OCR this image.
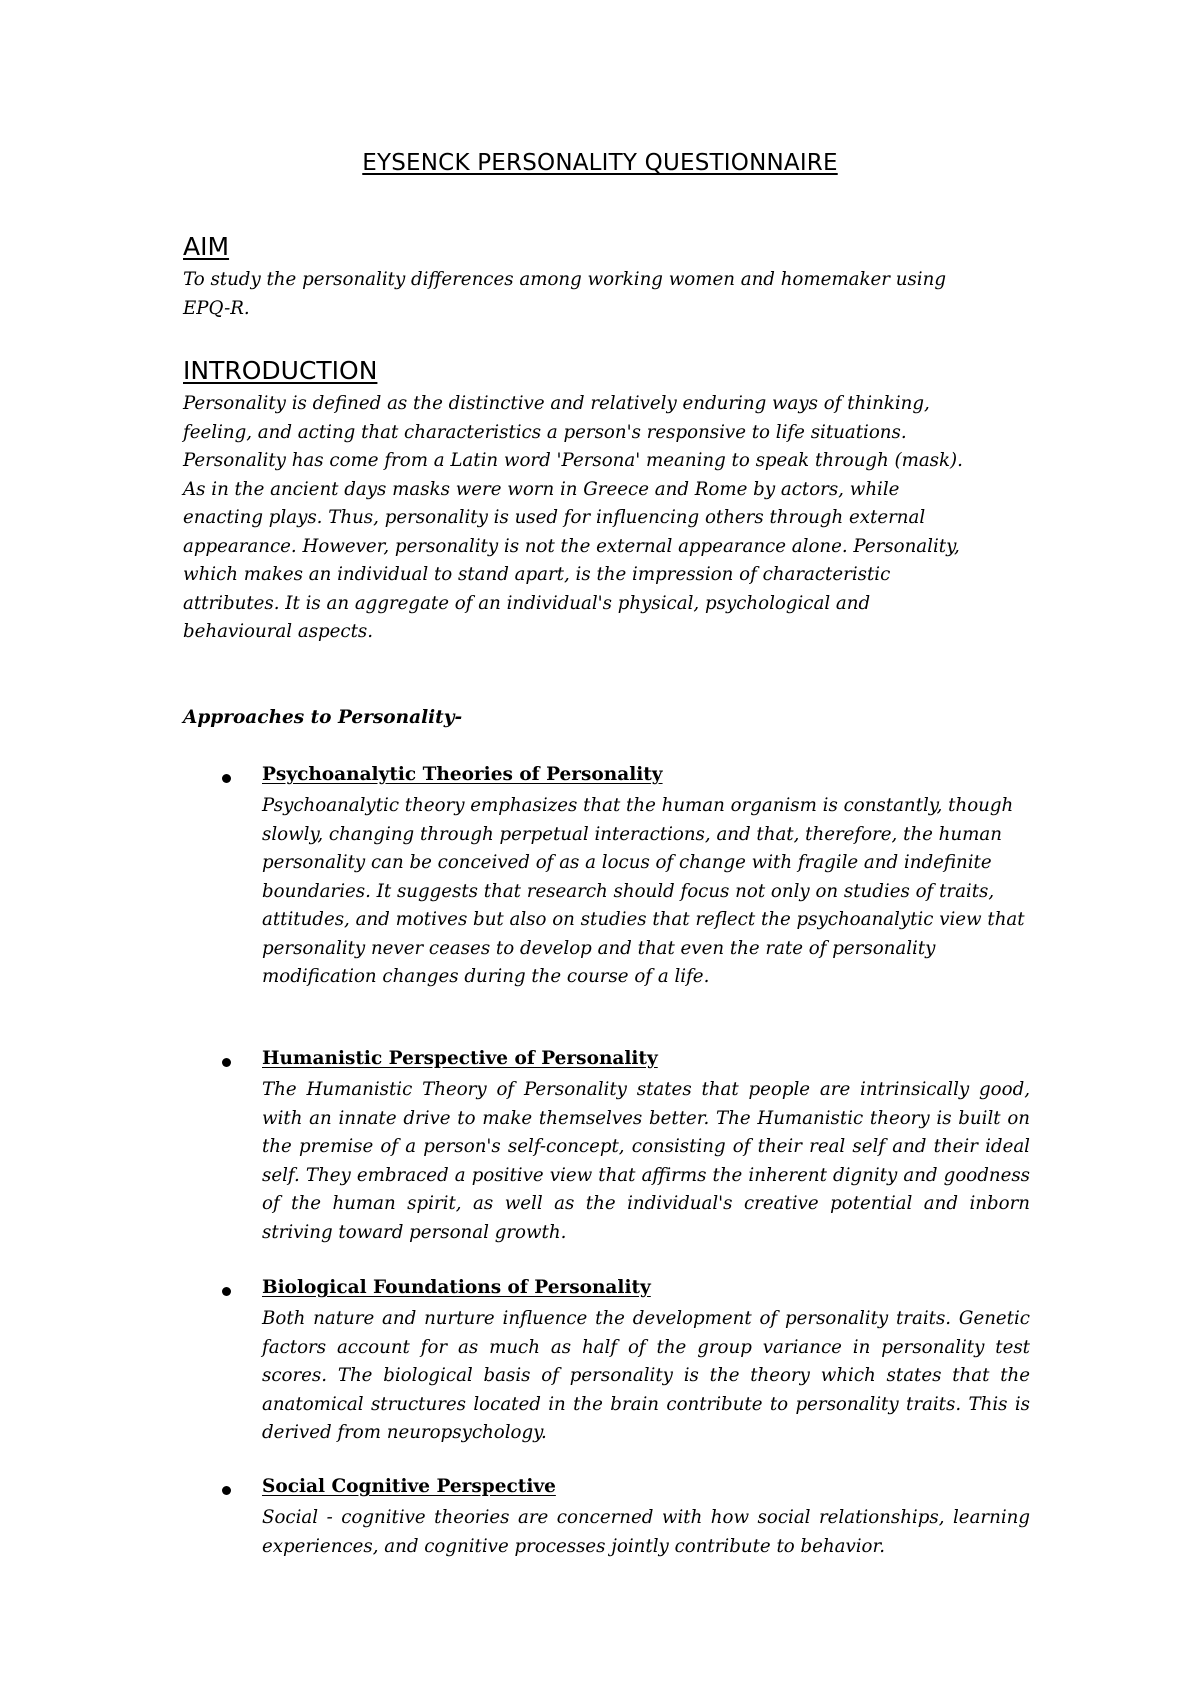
EYSENCK PERSONALITY QUESTIONNAIRE
AIM

To study the personality differences among working women and homemaker using EPQ-R.

INTRODUCTION

Personality is defined as the distinctive and relatively enduring ways of thinking, feeling, and acting that characteristics a person's responsive to life situations. Personality has come from a Latin word 'Persona' meaning to speak through (mask). As in the ancient days masks were worn in Greece and Rome by actors, while enacting plays. Thus, personality is used for influencing others through external appearance. However, personality is not the external appearance alone. Personality, which makes an individual to stand apart, is the impression of characteristic attributes. It is an aggregate of an individual's physical, psychological and behavioural aspects.

Approaches to Personality-

Psychoanalytic Theories of Personality

Psychoanalytic theory emphasizes that the human organism is constantly, though slowly, changing through perpetual interactions, and that, therefore, the human personality can be conceived of as a locus of change with fragile and indefinite boundaries. It suggests that research should focus not only on studies of traits, attitudes, and motives but also on studies that reflect the psychoanalytic view that personality never ceases to develop and that even the rate of personality modification changes during the course of a life.

Humanistic Perspective of Personality

The Humanistic Theory of Personality states that people are intrinsically good, with an innate drive to make themselves better. The Humanistic theory is built on the premise of a person's self-concept, consisting of their real self and their ideal self. They embraced a positive view that affirms the inherent dignity and goodness of the human spirit, as well as the individual's creative potential and inborn striving toward personal growth.

Biological Foundations of Personality

Both nature and nurture influence the development of personality traits. Genetic factors account for as much as half of the group variance in personality test scores. The biological basis of personality is the theory which states that the anatomical structures located in the brain contribute to personality traits. This is derived from neuropsychology.

Social Cognitive Perspective

Social - cognitive theories are concerned with how social relationships, learning experiences, and cognitive processes jointly contribute to behavior.
